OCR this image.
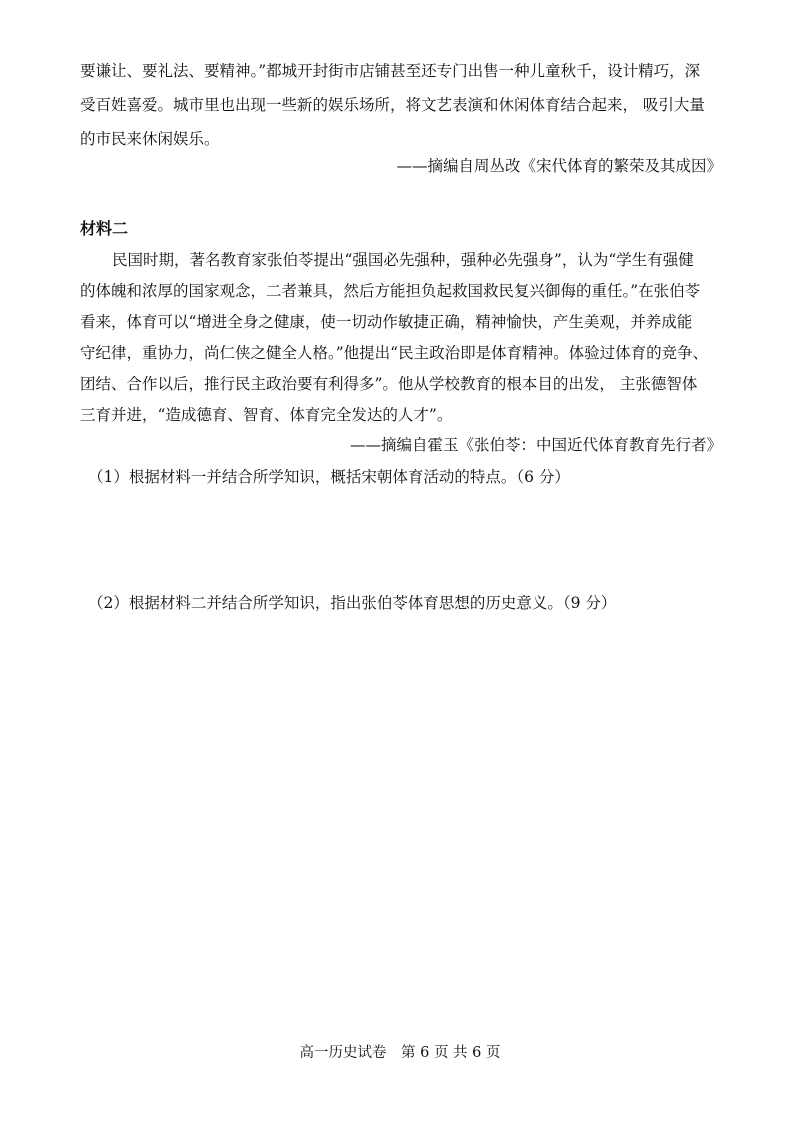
要谦让、要礼法、要精神。”都城开封街市店铺甚至还专门出售一种儿童秋千，设计精巧，深
受百姓喜爱。城市里也出现一些新的娱乐场所，将文艺表演和休闲体育结合起来， 吸引大量
的市民来休闲娱乐。
——摘编自周丛改《宋代体育的繁荣及其成因》
材料二
民国时期，著名教育家张伯苓提出“强国必先强种，强种必先强身”，认为“学生有强健
的体魄和浓厚的国家观念，二者兼具，然后方能担负起救国救民复兴御侮的重任。”在张伯苓
看来，体育可以“增进全身之健康，使一切动作敏捷正确，精神愉快，产生美观，并养成能
守纪律，重协力，尚仁侠之健全人格。”他提出“民主政治即是体育精神。体验过体育的竞争、
团结、合作以后，推行民主政治要有利得多”。他从学校教育的根本目的出发， 主张德智体
三育并进，“造成德育、智育、体育完全发达的人才”。
——摘编自霍玉《张伯苓：中国近代体育教育先行者》
（1）根据材料一并结合所学知识，概括宋朝体育活动的特点。（6 分）
（2）根据材料二并结合所学知识，指出张伯苓体育思想的历史意义。（9 分）
高一历史试卷　第 6 页 共 6 页
